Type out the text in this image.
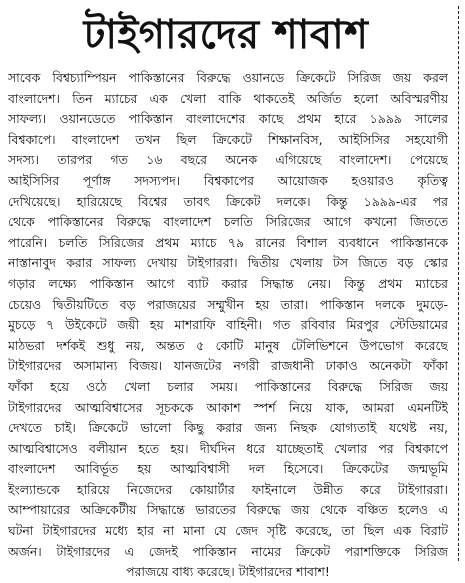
টাইগারদের শাবাশ
সাবেক বিশ্বচ্যাম্পিয়ন পাকিস্তানের বিরুদ্ধে ওয়ানডে ক্রিকেটে সিরিজ জয় করল
বাংলাদেশ। তিন ম্যাচের এক খেলা বাকি থাকতেই অর্জিত হলো অবিস্মরণীয়
সাফল্য। ওয়ানডেতে পাকিস্তান বাংলাদেশের কাছে প্রথম হারে ১৯৯৯ সালের
বিশ্বকাপে। বাংলাদেশ তখন ছিল ক্রিকেটে শিক্ষানবিস, আইসিসির সহযোগী
সদস্য। তারপর গত ১৬ বছরে অনেক এগিয়েছে বাংলাদেশ। পেয়েছে
আইসিসির পূর্ণাঙ্গ সদস্যপদ। বিশ্বকাপের আয়োজক হওয়ারও কৃতিত্ব
দেখিয়েছে। হারিয়েছে বিশ্বের তাবৎ ক্রিকেট দলকে। কিন্তু ১৯৯৯-এর পর
থেকে পাকিস্তানের বিরুদ্ধে বাংলাদেশ চলতি সিরিজের আগে কখনো জিততে
পারেনি। চলতি সিরিজের প্রথম ম্যাচে ৭৯ রানের বিশাল ব্যবধানে পাকিস্তানকে
নাস্তানাবুদ করার সাফল্য দেখায় টাইগাররা। দ্বিতীয় খেলায় টস জিতে বড় স্কোর
গড়ার লক্ষ্যে পাকিস্তান আগে ব্যাট করার সিদ্ধান্ত নেয়। কিন্তু প্রথম ম্যাচের
চেয়েও দ্বিতীয়টিতে বড় পরাজয়ের সম্মুখীন হয় তারা। পাকিস্তান দলকে দুমড়ে-
মুচড়ে ৭ উইকেটে জয়ী হয় মাশরাফি বাহিনী। গত রবিবার মিরপুর স্টেডিয়ামের
মাঠভরা দর্শকই শুধু নয়, অন্তত ৫ কোটি মানুষ টেলিভিশনে উপভোগ করেছে
টাইগারদের অসামান্য বিজয়। যানজটের নগরী রাজধানী ঢাকাও অনেকটা ফাঁকা
ফাঁকা হয়ে ওঠে খেলা চলার সময়। পাকিস্তানের বিরুদ্ধে সিরিজ জয়
টাইগারদের আত্মবিশ্বাসের সূচককে আকাশ স্পর্শ নিয়ে যাক, আমরা এমনটিই
দেখতে চাই। ক্রিকেটে ভালো কিছু করার জন্য নিছক যোগ্যতাই যথেষ্ট নয়,
আত্মবিশ্বাসেও বলীয়ান হতে হয়। দীর্ঘদিন ধরে যাচ্ছেতাই খেলার পর বিশ্বকাপে
বাংলাদেশ আবির্ভূত হয় আত্মবিশ্বাসী দল হিসেবে। ক্রিকেটের জন্মভূমি
ইংল্যান্ডকে হারিয়ে নিজেদের কোয়ার্টার ফাইনালে উন্নীত করে টাইগাররা।
আম্পায়ারের অক্রিকেটীয় সিদ্ধান্তে ভারতের বিরুদ্ধে জয় থেকে বঞ্চিত হলেও এ
ঘটনা টাইগারদের মধ্যে হার না মানা যে জেদ সৃষ্টি করেছে, তা ছিল এক বিরাট
অর্জন। টাইগারদের এ জেদই পাকিস্তান নামের ক্রিকেট পরাশক্তিকে সিরিজ
পরাজয়ে বাধ্য করেছে। টাইগারদের শাবাশ!
